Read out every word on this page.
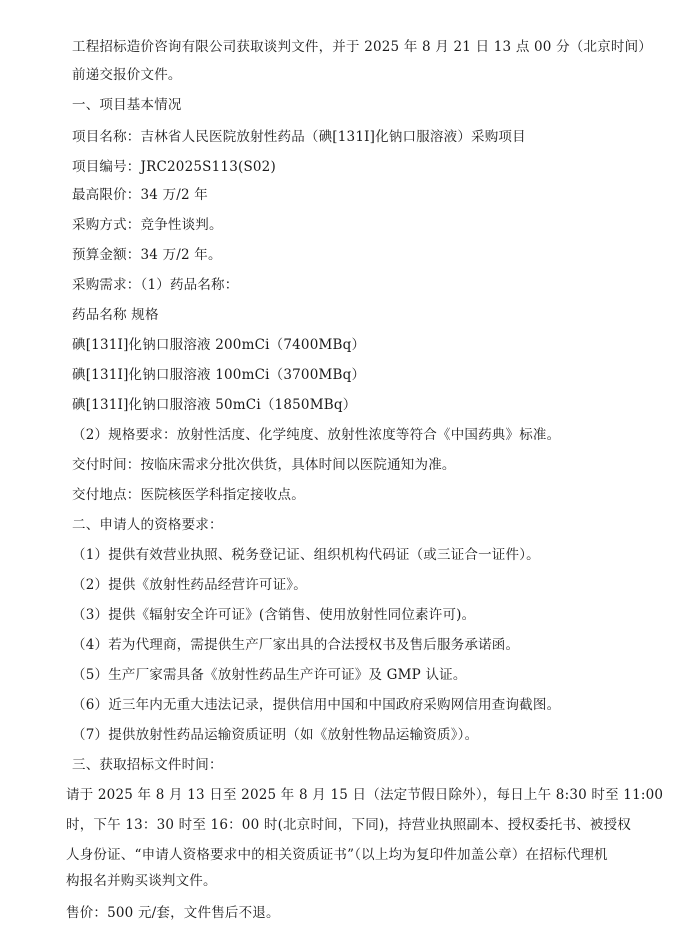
工程招标造价咨询有限公司获取谈判文件，并于 2025 年 8 月 21 日 13 点 00 分（北京时间）
前递交报价文件。
一、项目基本情况
项目名称：吉林省人民医院放射性药品（碘[131I]化钠口服溶液）采购项目
项目编号：JRC2025S113(S02)
最高限价：34 万/2 年
采购方式：竞争性谈判。
预算金额：34 万/2 年。
采购需求：（1）药品名称：
药品名称 规格
碘[131I]化钠口服溶液 200mCi（7400MBq）
碘[131I]化钠口服溶液 100mCi（3700MBq）
碘[131I]化钠口服溶液 50mCi（1850MBq）
（2）规格要求：放射性活度、化学纯度、放射性浓度等符合《中国药典》标准。
交付时间：按临床需求分批次供货，具体时间以医院通知为准。
交付地点：医院核医学科指定接收点。
二、申请人的资格要求：
（1）提供有效营业执照、税务登记证、组织机构代码证（或三证合一证件）。
（2）提供《放射性药品经营许可证》。
（3）提供《辐射安全许可证》(含销售、使用放射性同位素许可)。
（4）若为代理商，需提供生产厂家出具的合法授权书及售后服务承诺函。
（5）生产厂家需具备《放射性药品生产许可证》及 GMP 认证。
（6）近三年内无重大违法记录，提供信用中国和中国政府采购网信用查询截图。
（7）提供放射性药品运输资质证明（如《放射性物品运输资质》）。
三、获取招标文件时间：
请于 2025 年 8 月 13 日至 2025 年 8 月 15 日（法定节假日除外），每日上午 8:30 时至 11:00
时，下午 13：30 时至 16：00 时(北京时间，下同)，持营业执照副本、授权委托书、被授权
人身份证、“申请人资格要求中的相关资质证书”（以上均为复印件加盖公章）在招标代理机
构报名并购买谈判文件。
售价：500 元/套，文件售后不退。
